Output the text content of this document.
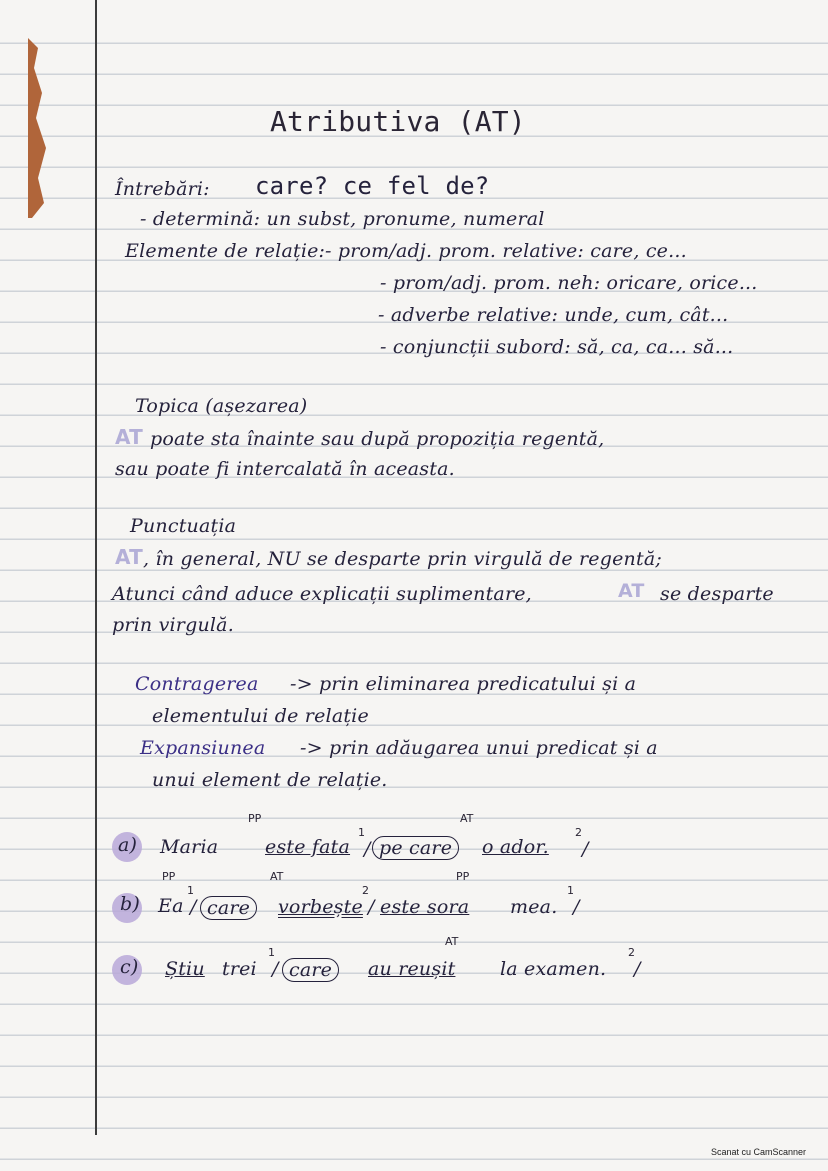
Atributiva (AT)
Întrebări: care? ce fel de?
- determină: un subst, pronume, numeral
Elemente de relație: - prom/adj. prom. relative: care, ce...
- prom/adj. prom. neh: oricare, orice...
- adverbe relative: unde, cum, cât...
- conjuncții subord: să, ca, ca... să...
Topica (așezarea)
AT poate sta înainte sau după propoziția regentă,
sau poate fi intercalată în aceasta.
Punctuația
AT , în general, NU se desparte prin virgulă de regentă;
Atunci când aduce explicații suplimentare,	AT se desparte
prin virgulă.
Contragerea -> prin eliminarea predicatului și a
elementului de relație
Expansiunea -> prin adăugarea unui predicat și a
unui element de relație.
a) Maria
PP
este fata
1
/
AT
pe care	o ador.
2
/
b)
PP
Ea
1
/ care
AT
vorbește
2
/
PP
este sora mea.
1
/
c) Știu trei
1
/ care
AT
au reușit la examen.
2
/
Scanat cu CamScanner
